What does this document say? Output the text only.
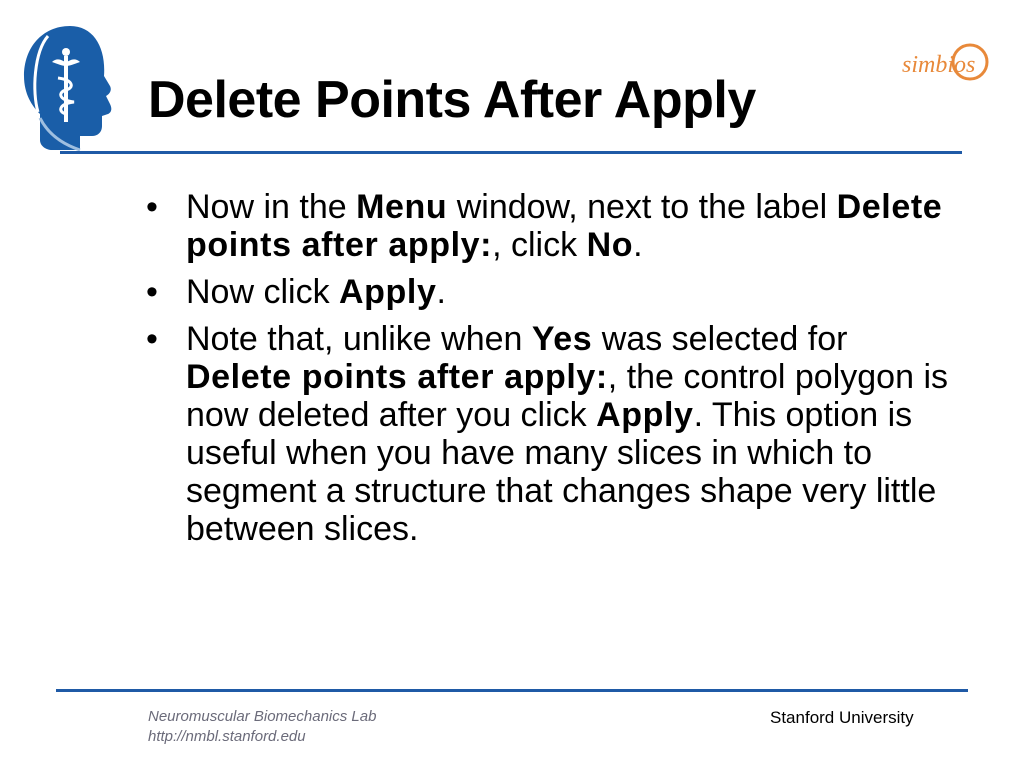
simbios
Delete Points After Apply
• Now in the Menu window, next to the label Delete points after apply:, click No.
• Now click Apply.
• Note that, unlike when Yes was selected for Delete points after apply:, the control polygon is now deleted after you click Apply. This option is useful when you have many slices in which to segment a structure that changes shape very little between slices.
Neuromuscular Biomechanics Lab
http://nmbl.stanford.edu
Stanford University
